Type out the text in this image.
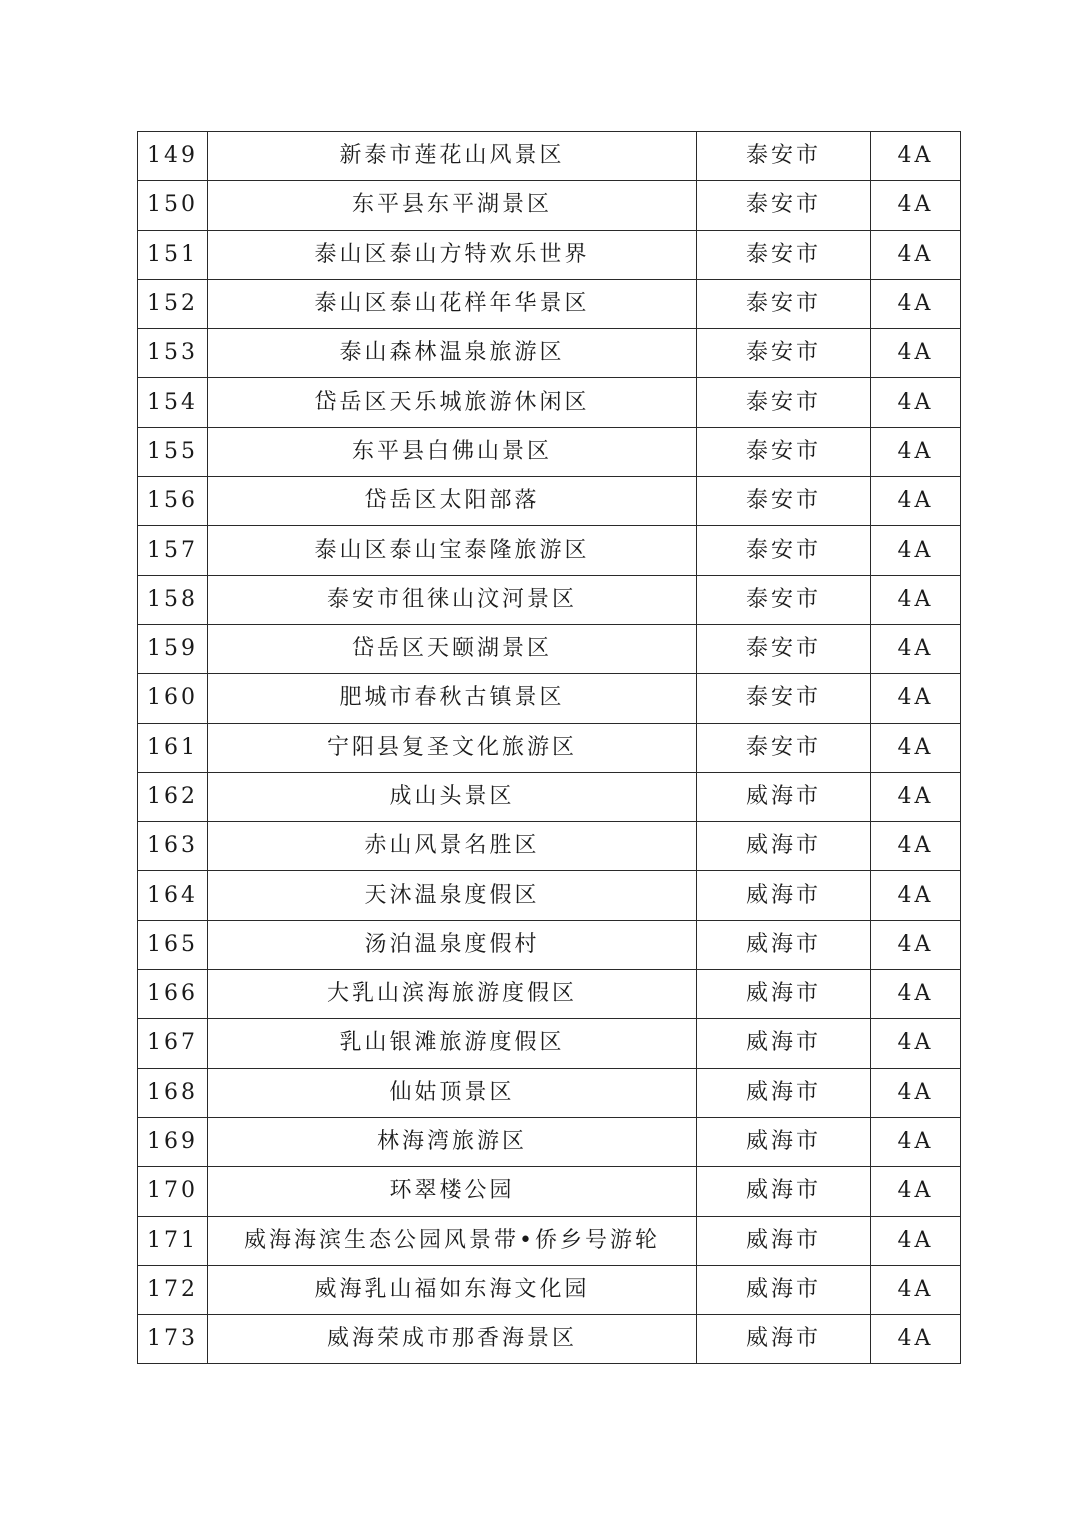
149	新泰市莲花山风景区	泰安市	4A
150	东平县东平湖景区	泰安市	4A
151	泰山区泰山方特欢乐世界	泰安市	4A
152	泰山区泰山花样年华景区	泰安市	4A
153	泰山森林温泉旅游区	泰安市	4A
154	岱岳区天乐城旅游休闲区	泰安市	4A
155	东平县白佛山景区	泰安市	4A
156	岱岳区太阳部落	泰安市	4A
157	泰山区泰山宝泰隆旅游区	泰安市	4A
158	泰安市徂徕山汶河景区	泰安市	4A
159	岱岳区天颐湖景区	泰安市	4A
160	肥城市春秋古镇景区	泰安市	4A
161	宁阳县复圣文化旅游区	泰安市	4A
162	成山头景区	威海市	4A
163	赤山风景名胜区	威海市	4A
164	天沐温泉度假区	威海市	4A
165	汤泊温泉度假村	威海市	4A
166	大乳山滨海旅游度假区	威海市	4A
167	乳山银滩旅游度假区	威海市	4A
168	仙姑顶景区	威海市	4A
169	林海湾旅游区	威海市	4A
170	环翠楼公园	威海市	4A
171	威海海滨生态公园风景带•侨乡号游轮	威海市	4A
172	威海乳山福如东海文化园	威海市	4A
173	威海荣成市那香海景区	威海市	4A
